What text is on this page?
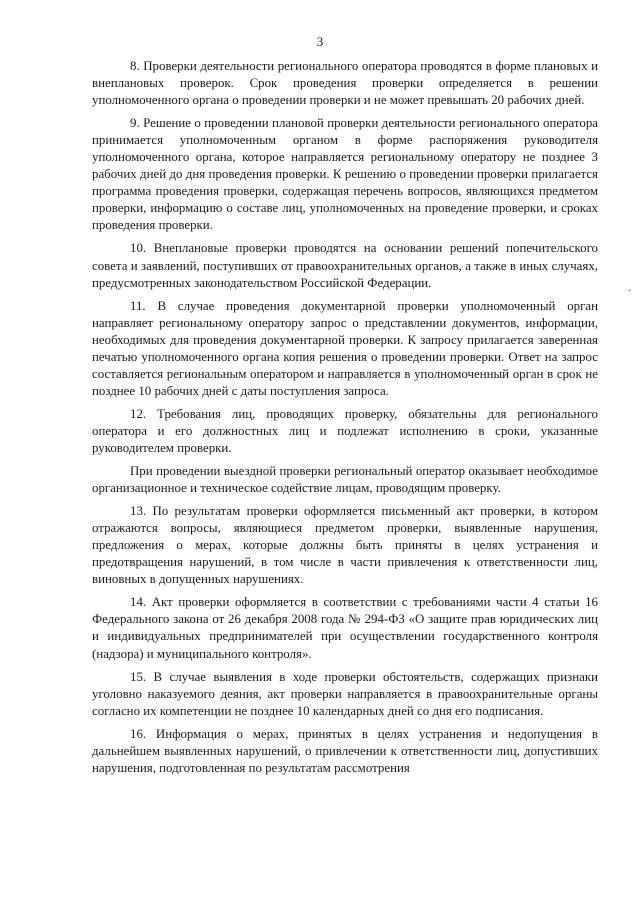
3

8. Проверки деятельности регионального оператора проводятся в форме плановых и внеплановых проверок. Срок проведения проверки определяется в решении уполномоченного органа о проведении проверки и не может превышать 20 рабочих дней.

9. Решение о проведении плановой проверки деятельности регионального оператора принимается уполномоченным органом в форме распоряжения руководителя уполномоченного органа, которое направляется региональному оператору не позднее 3 рабочих дней до дня проведения проверки. К решению о проведении проверки прилагается программа проведения проверки, содержащая перечень вопросов, являющихся предметом проверки, информацию о составе лиц, уполномоченных на проведение проверки, и сроках проведения проверки.

10. Внеплановые проверки проводятся на основании решений попечительского совета и заявлений, поступивших от правоохранительных органов, а также в иных случаях, предусмотренных законодательством Российской Федерации.

11. В случае проведения документарной проверки уполномоченный орган направляет региональному оператору запрос о представлении документов, информации, необходимых для проведения документарной проверки. К запросу прилагается заверенная печатью уполномоченного органа копия решения о проведении проверки. Ответ на запрос составляется региональным оператором и направляется в уполномоченный орган в срок не позднее 10 рабочих дней с даты поступления запроса.

12. Требования лиц, проводящих проверку, обязательны для регионального оператора и его должностных лиц и подлежат исполнению в сроки, указанные руководителем проверки.

При проведении выездной проверки региональный оператор оказывает необходимое организационное и техническое содействие лицам, проводящим проверку.

13. По результатам проверки оформляется письменный акт проверки, в котором отражаются вопросы, являющиеся предметом проверки, выявленные нарушения, предложения о мерах, которые должны быть приняты в целях устранения и предотвращения нарушений, в том числе в части привлечения к ответственности лиц, виновных в допущенных нарушениях.

14. Акт проверки оформляется в соответствии с требованиями части 4 статьи 16 Федерального закона от 26 декабря 2008 года № 294-ФЗ «О защите прав юридических лиц и индивидуальных предпринимателей при осуществлении государственного контроля (надзора) и муниципального контроля».

15. В случае выявления в ходе проверки обстоятельств, содержащих признаки уголовно наказуемого деяния, акт проверки направляется в правоохранительные органы согласно их компетенции не позднее 10 календарных дней со дня его подписания.

16. Информация о мерах, принятых в целях устранения и недопущения в дальнейшем выявленных нарушений, о привлечении к ответственности лиц, допустивших нарушения, подготовленная по результатам рассмотрения

·
